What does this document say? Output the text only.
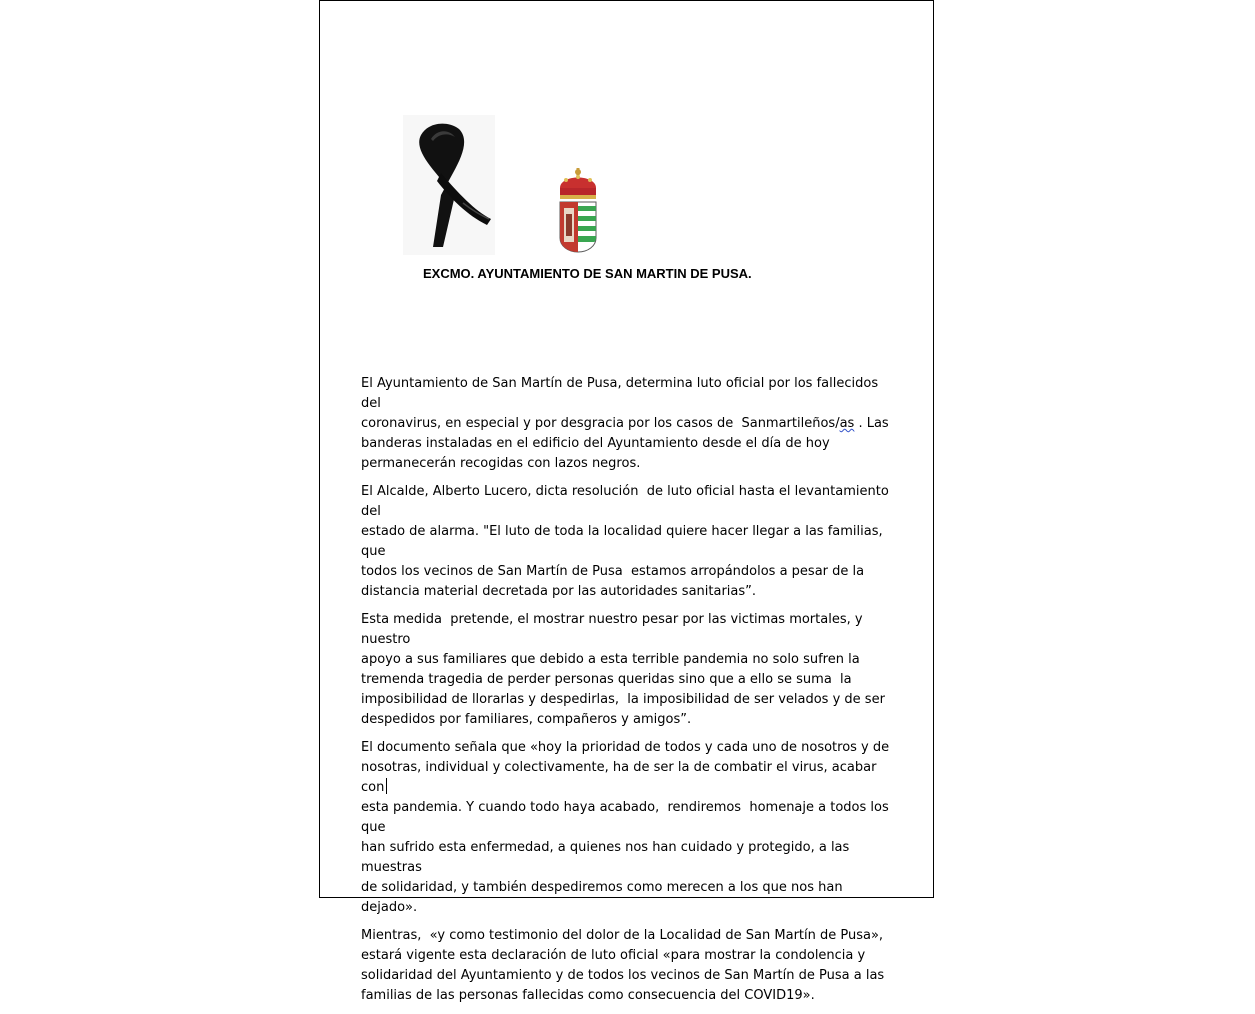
EXCMO. AYUNTAMIENTO DE SAN MARTIN DE PUSA.

El Ayuntamiento de San Martín de Pusa, determina luto oficial por los fallecidos del
coronavirus, en especial y por desgracia por los casos de  Sanmartileños/as . Las
banderas instaladas en el edificio del Ayuntamiento desde el día de hoy
permanecerán recogidas con lazos negros.

El Alcalde, Alberto Lucero, dicta resolución  de luto oficial hasta el levantamiento del
estado de alarma. "El luto de toda la localidad quiere hacer llegar a las familias, que
todos los vecinos de San Martín de Pusa  estamos arropándolos a pesar de la
distancia material decretada por las autoridades sanitarias”.

Esta medida  pretende, el mostrar nuestro pesar por las victimas mortales, y nuestro
apoyo a sus familiares que debido a esta terrible pandemia no solo sufren la
tremenda tragedia de perder personas queridas sino que a ello se suma  la
imposibilidad de llorarlas y despedirlas,  la imposibilidad de ser velados y de ser
despedidos por familiares, compañeros y amigos”.

El documento señala que «hoy la prioridad de todos y cada uno de nosotros y de
nosotras, individual y colectivamente, ha de ser la de combatir el virus, acabar con
esta pandemia. Y cuando todo haya acabado,  rendiremos  homenaje a todos los que
han sufrido esta enfermedad, a quienes nos han cuidado y protegido, a las muestras
de solidaridad, y también despediremos como merecen a los que nos han dejado».

Mientras,  «y como testimonio del dolor de la Localidad de San Martín de Pusa»,
estará vigente esta declaración de luto oficial «para mostrar la condolencia y
solidaridad del Ayuntamiento y de todos los vecinos de San Martín de Pusa a las
familias de las personas fallecidas como consecuencia del COVID19».
